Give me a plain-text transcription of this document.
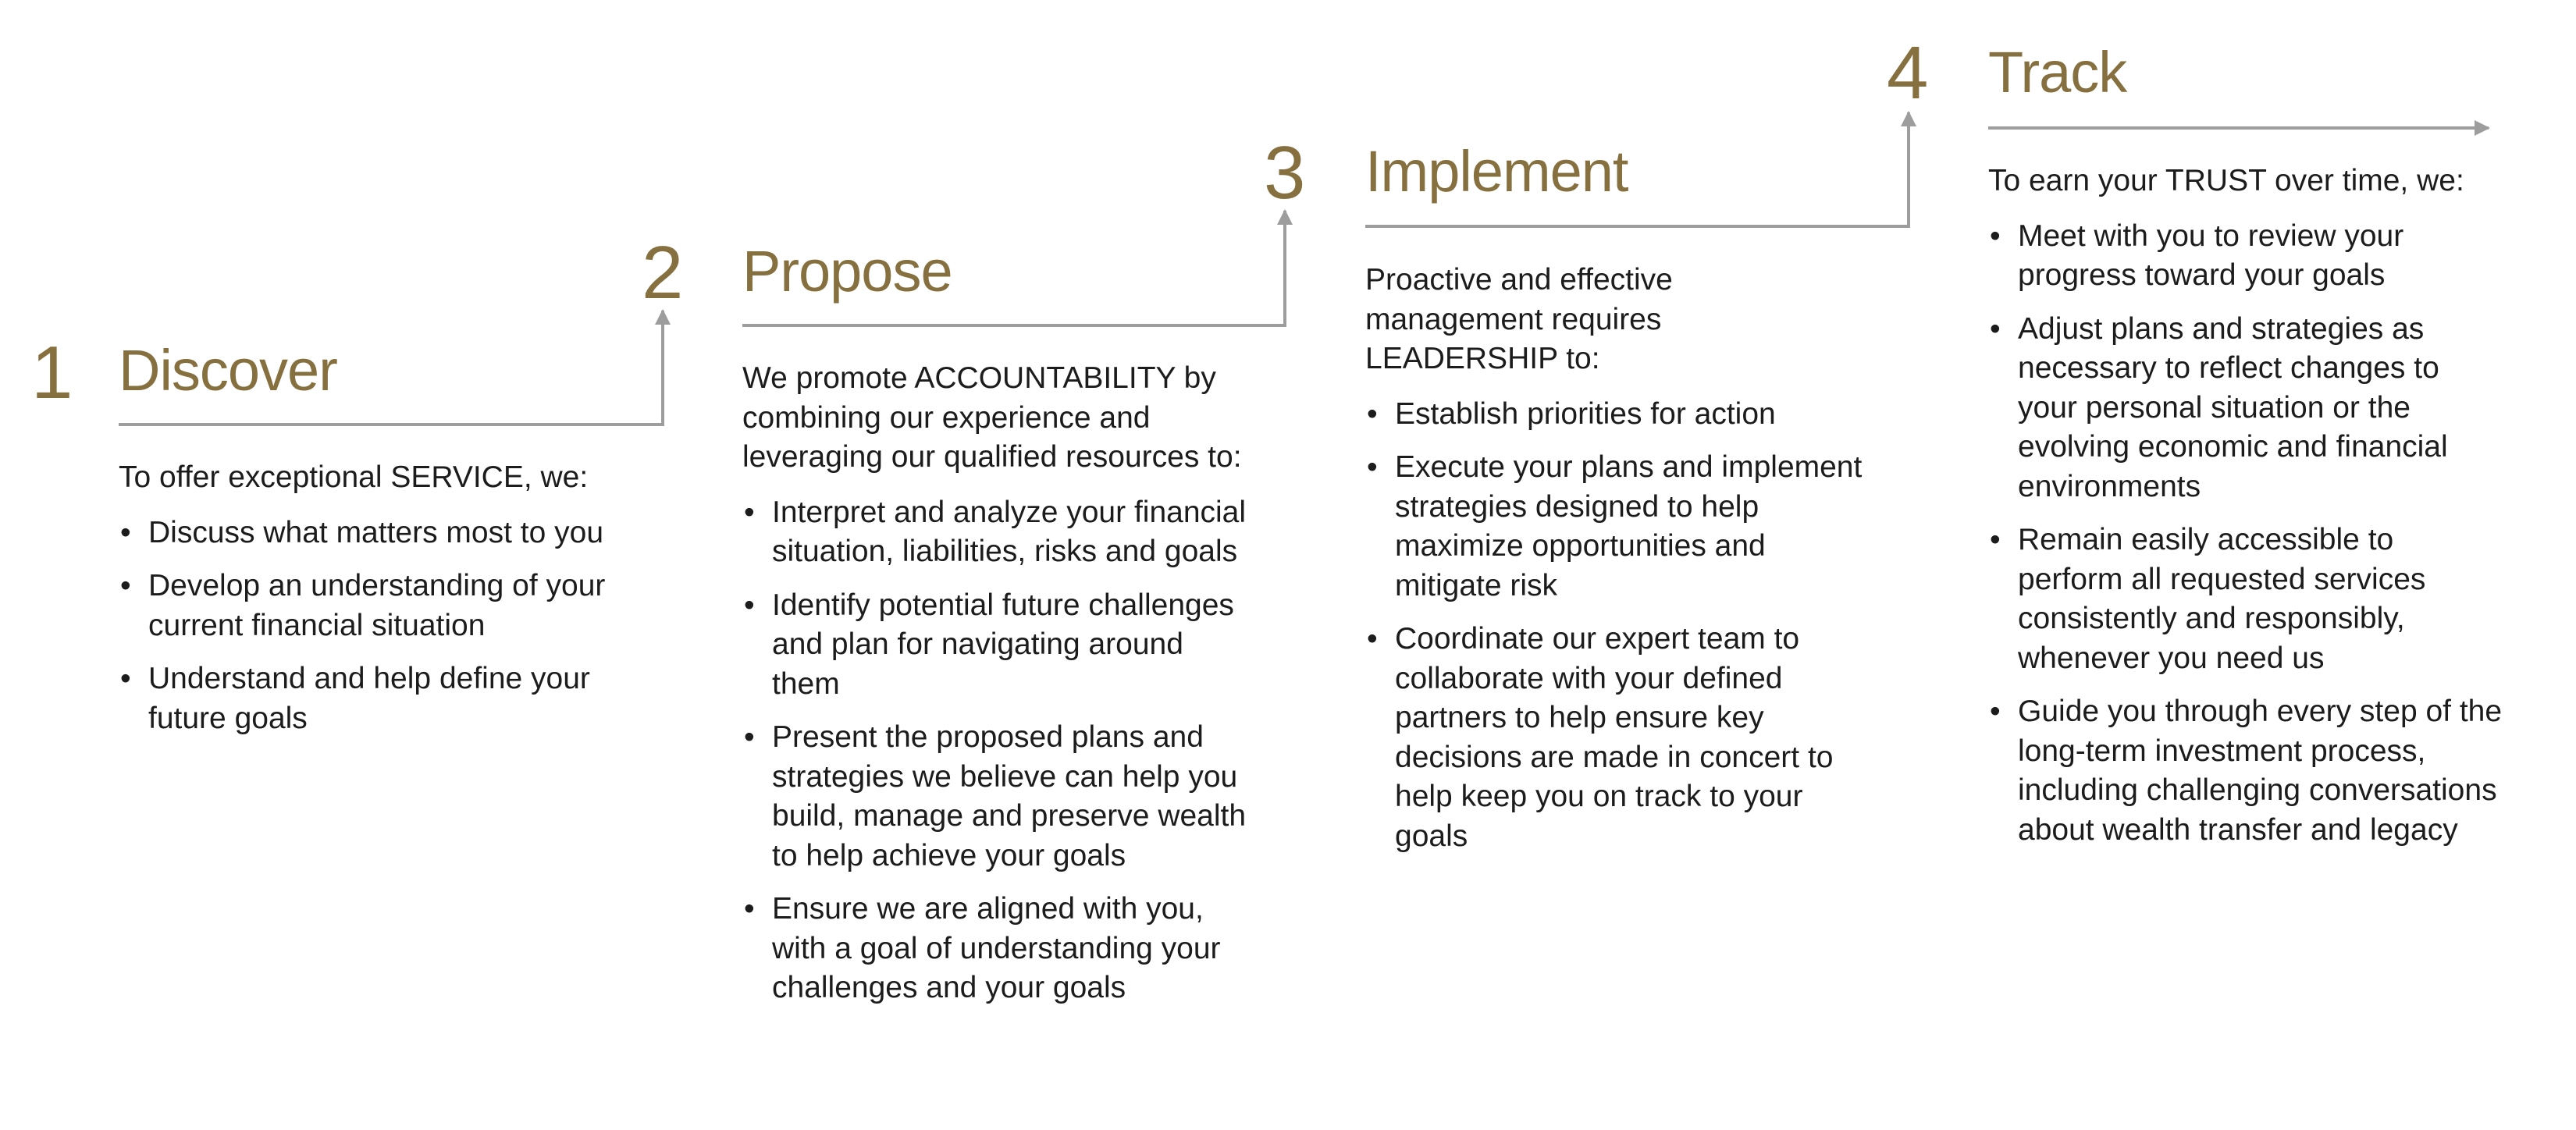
1 Discover

To offer exceptional SERVICE, we:

• Discuss what matters most to you
• Develop an understanding of your current financial situation
• Understand and help define your future goals
2 Propose

We promote ACCOUNTABILITY by combining our experience and leveraging our qualified resources to:

• Interpret and analyze your financial situation, liabilities, risks and goals
• Identify potential future challenges and plan for navigating around them
• Present the proposed plans and strategies we believe can help you build, manage and preserve wealth to help achieve your goals
• Ensure we are aligned with you, with a goal of understanding your challenges and your goals
3 Implement

Proactive and effective management requires LEADERSHIP to:

• Establish priorities for action
• Execute your plans and implement strategies designed to help maximize opportunities and mitigate risk
• Coordinate our expert team to collaborate with your defined partners to help ensure key decisions are made in concert to help keep you on track to your goals
4 Track

To earn your TRUST over time, we:

• Meet with you to review your progress toward your goals
• Adjust plans and strategies as necessary to reflect changes to your personal situation or the evolving economic and financial environments
• Remain easily accessible to perform all requested services consistently and responsibly, whenever you need us
• Guide you through every step of the long-term investment process, including challenging conversations about wealth transfer and legacy
